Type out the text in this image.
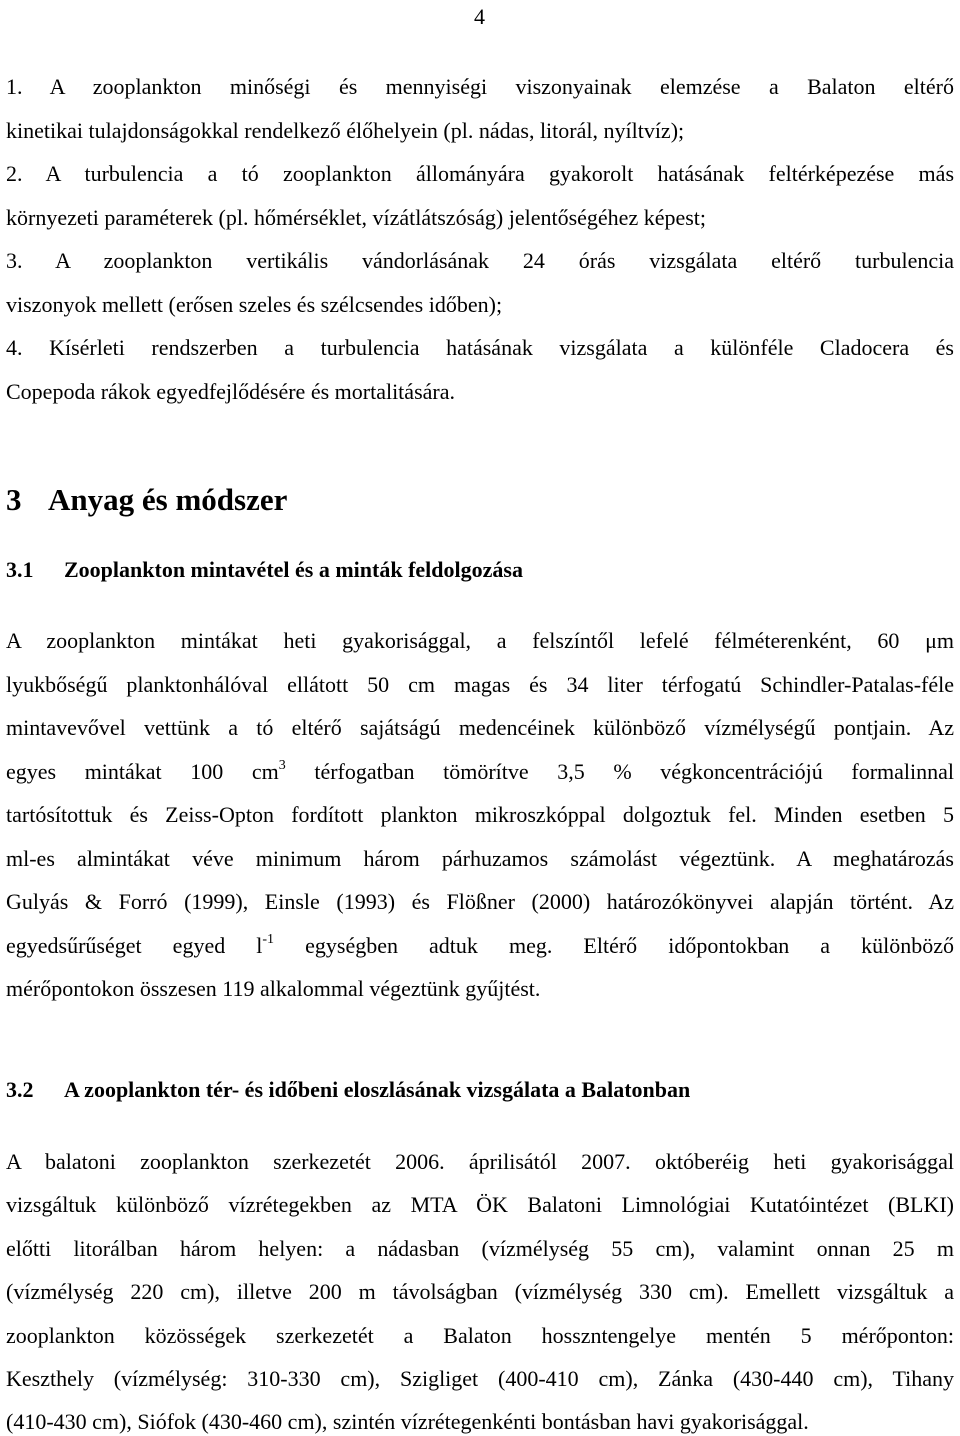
4
1. A zooplankton minőségi és mennyiségi viszonyainak elemzése a Balaton eltérő
kinetikai tulajdonságokkal rendelkező élőhelyein (pl. nádas, litorál, nyíltvíz);
2. A turbulencia a tó zooplankton állományára gyakorolt hatásának feltérképezése más
környezeti paraméterek (pl. hőmérséklet, vízátlátszóság) jelentőségéhez képest;
3. A zooplankton vertikális vándorlásának 24 órás vizsgálata eltérő turbulencia
viszonyok mellett (erősen szeles és szélcsendes időben);
4. Kísérleti rendszerben a turbulencia hatásának vizsgálata a különféle Cladocera és
Copepoda rákok egyedfejlődésére és mortalitására.
3 Anyag és módszer
3.1 Zooplankton mintavétel és a minták feldolgozása
A zooplankton mintákat heti gyakorisággal, a felszíntől lefelé félméterenként, 60 μm
lyukbőségű planktonhálóval ellátott 50 cm magas és 34 liter térfogatú Schindler-Patalas-féle
mintavevővel vettünk a tó eltérő sajátságú medencéinek különböző vízmélységű pontjain. Az
egyes mintákat 100 $cm^3$ térfogatban tömörítve 3,5 % végkoncentrációjú formalinnal
tartósítottuk és Zeiss-Opton fordított plankton mikroszkóppal dolgoztuk fel. Minden esetben 5
ml-es almintákat véve minimum három párhuzamos számolást végeztünk. A meghatározás
Gulyás & Forró (1999), Einsle (1993) és Flößner (2000) határozókönyvei alapján történt. Az
egyedsűrűséget egyed $l^{-1}$ egységben adtuk meg. Eltérő időpontokban a különböző
mérőpontokon összesen 119 alkalommal végeztünk gyűjtést.
3.2 A zooplankton tér- és időbeni eloszlásának vizsgálata a Balatonban
A balatoni zooplankton szerkezetét 2006. áprilisától 2007. októberéig heti gyakorisággal
vizsgáltuk különböző vízrétegekben az MTA ÖK Balatoni Limnológiai Kutatóintézet (BLKI)
előtti litorálban három helyen: a nádasban (vízmélység 55 cm), valamint onnan 25 m
(vízmélység 220 cm), illetve 200 m távolságban (vízmélység 330 cm). Emellett vizsgáltuk a
zooplankton közösségek szerkezetét a Balaton hosszntengelye mentén 5 mérőponton:
Keszthely (vízmélység: 310-330 cm), Szigliget (400-410 cm), Zánka (430-440 cm), Tihany
(410-430 cm), Siófok (430-460 cm), szintén vízrétegenkénti bontásban havi gyakorisággal.
